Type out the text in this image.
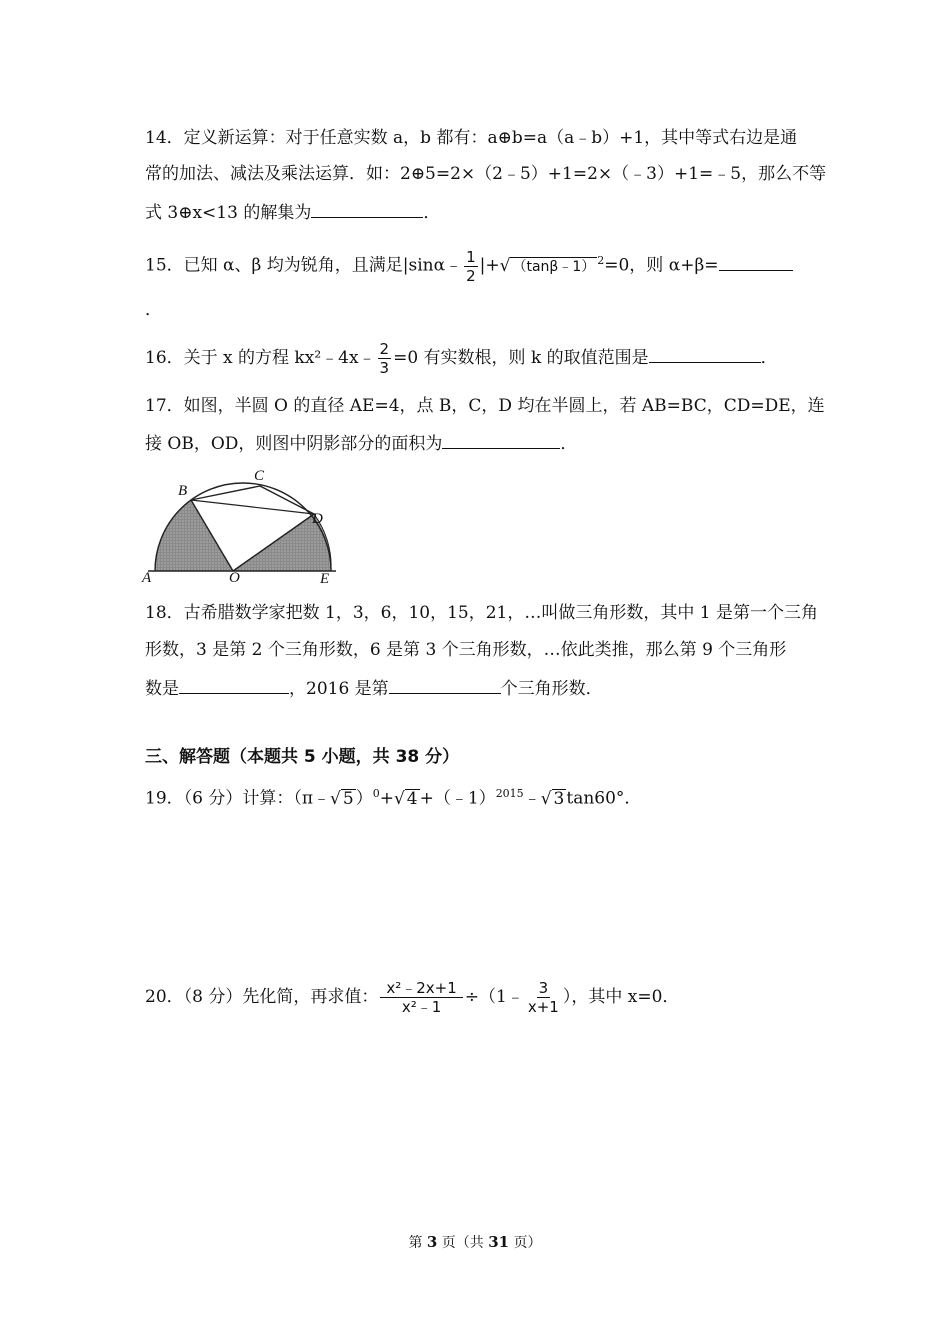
14．定义新运算：对于任意实数 a，b 都有：a⊕b=a（a﹣b）+1，其中等式右边是通
常的加法、减法及乘法运算．如：2⊕5=2×（2﹣5）+1=2×（﹣3）+1=﹣5，那么不等
式 3⊕x<13 的解集为	．
15．已知 α、β 均为锐角，且满足|sinα﹣ $\frac{1}{2}$ |+√ （tanβ﹣1） $^2$=0，则 α+β=
．
16．关于 x 的方程 kx²﹣4x﹣ $\frac{2}{3} =0$ 有实数根，则 k 的取值范围是	．
17．如图，半圆 O 的直径 AE=4，点 B，C，D 均在半圆上，若 AB=BC，CD=DE，连
接 OB，OD，则图中阴影部分的面积为	．
A
B
C
D
O	E
18．古希腊数学家把数 1，3，6，10，15，21，…叫做三角形数，其中 1 是第一个三角
形数，3 是第 2 个三角形数，6 是第 3 个三角形数，…依此类推，那么第 9 个三角形
数是	，2016 是第	个三角形数．
三、解答题（本题共 5 小题，共 38 分）
19．（6 分）计算：（π﹣√ 5 ）$^0$+√ 4 +（﹣1）$^{2015}$﹣√ 3 tan60°．
20．（8 分）先化简，再求值： $\frac{\text{x²﹣2x+1}}{\text{x²﹣1}}$ ÷（1﹣ $\frac{3}{x+1}$ ），其中 x=0．
第 3 页（共 31 页）
